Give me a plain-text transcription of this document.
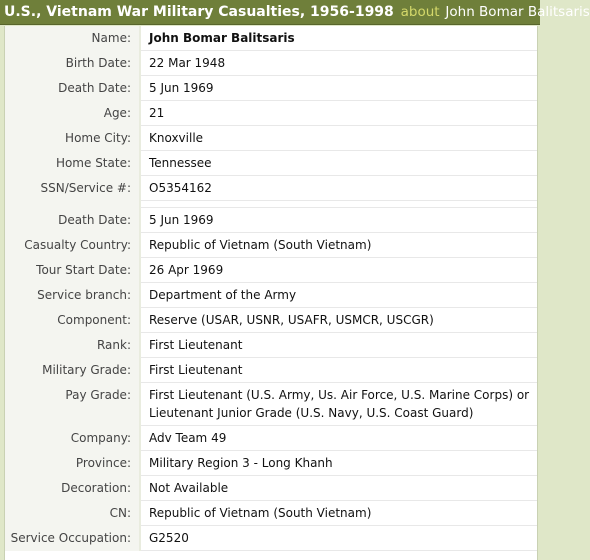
U.S., Vietnam War Military Casualties, 1956-1998 about John Bomar Balitsaris
Name:	John Bomar Balitsaris
Birth Date:	22 Mar 1948
Death Date:	5 Jun 1969
Age:	21
Home City:	Knoxville
Home State:	Tennessee
SSN/Service #:	O5354162

Death Date:	5 Jun 1969
Casualty Country:	Republic of Vietnam (South Vietnam)
Tour Start Date:	26 Apr 1969
Service branch:	Department of the Army
Component:	Reserve (USAR, USNR, USAFR, USMCR, USCGR)
Rank:	First Lieutenant
Military Grade:	First Lieutenant
Pay Grade:	First Lieutenant (U.S. Army, Us. Air Force, U.S. Marine Corps) or Lieutenant Junior Grade (U.S. Navy, U.S. Coast Guard)
Company:	Adv Team 49
Province:	Military Region 3 - Long Khanh
Decoration:	Not Available
CN:	Republic of Vietnam (South Vietnam)
Service Occupation:	G2520
